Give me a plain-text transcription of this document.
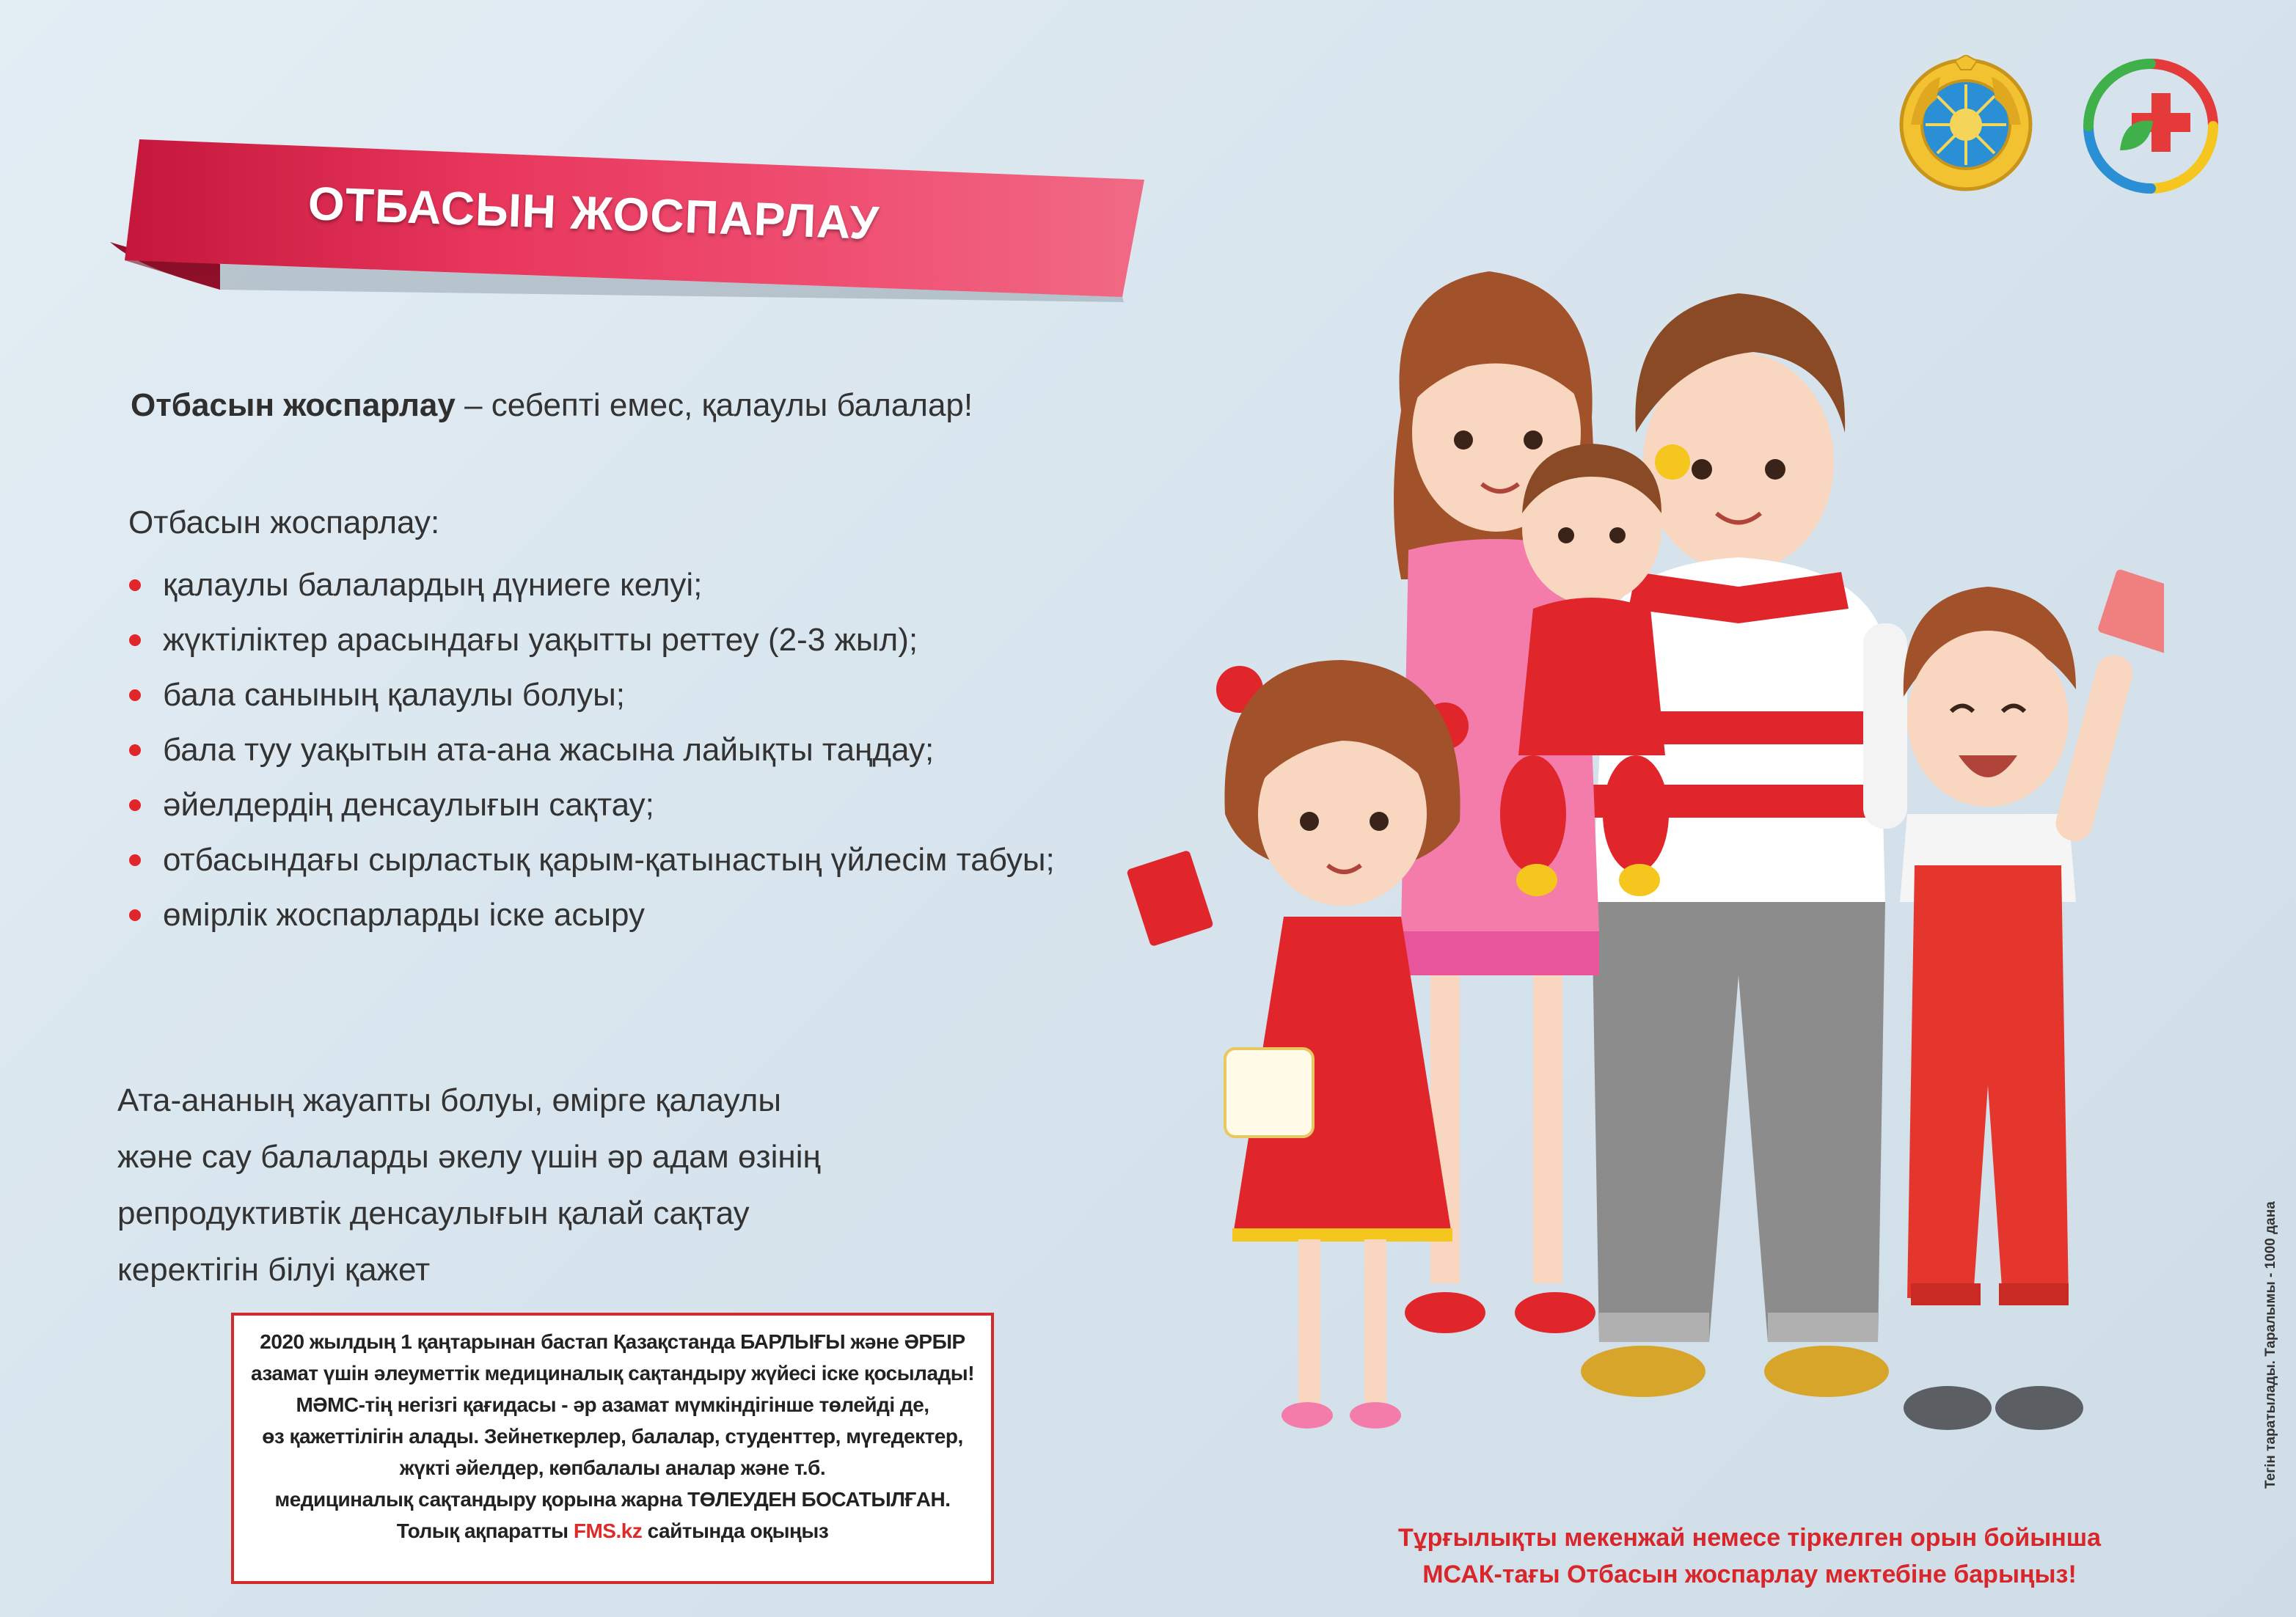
ОТБАСЫН ЖОСПАРЛАУ
Отбасын жоспарлау – себепті емес, қалаулы балалар!
Отбасын жоспарлау:
қалаулы балалардың дүниеге келуі;
жүктіліктер арасындағы уақытты реттеу (2-3 жыл);
бала санының қалаулы болуы;
бала туу уақытын ата-ана жасына лайықты таңдау;
әйелдердің денсаулығын сақтау;
отбасындағы сырластық қарым-қатынастың үйлесім табуы;
өмірлік жоспарларды іске асыру
Ата-ананың жауапты болуы, өмірге қалаулы
және сау балаларды әкелу үшін әр адам өзінің
репродуктивтік денсаулығын қалай сақтау
керектігін білуі қажет
2020 жылдың 1 қаңтарынан бастап Қазақстанда БАРЛЫҒЫ және ӘРБІР
азамат үшін әлеуметтік медициналық сақтандыру жүйесі іске қосылады!
МӘМС-тің негізгі қағидасы - әр азамат мүмкіндігінше төлейді де,
өз қажеттілігін алады. Зейнеткерлер, балалар, студенттер, мүгедектер,
жүкті әйелдер, көпбалалы аналар және т.б.
медициналық сақтандыру қорына жарна ТӨЛЕУДЕН БОСАТЫЛҒАН.
Толық ақпаратты FMS.kz сайтында оқыңыз	Тұрғылықты мекенжай немесе тіркелген орын бойынша
МСАК-тағы Отбасын жоспарлау мектебіне барыңыз!
Тегін таратылады. Таралымы - 1000 дана
